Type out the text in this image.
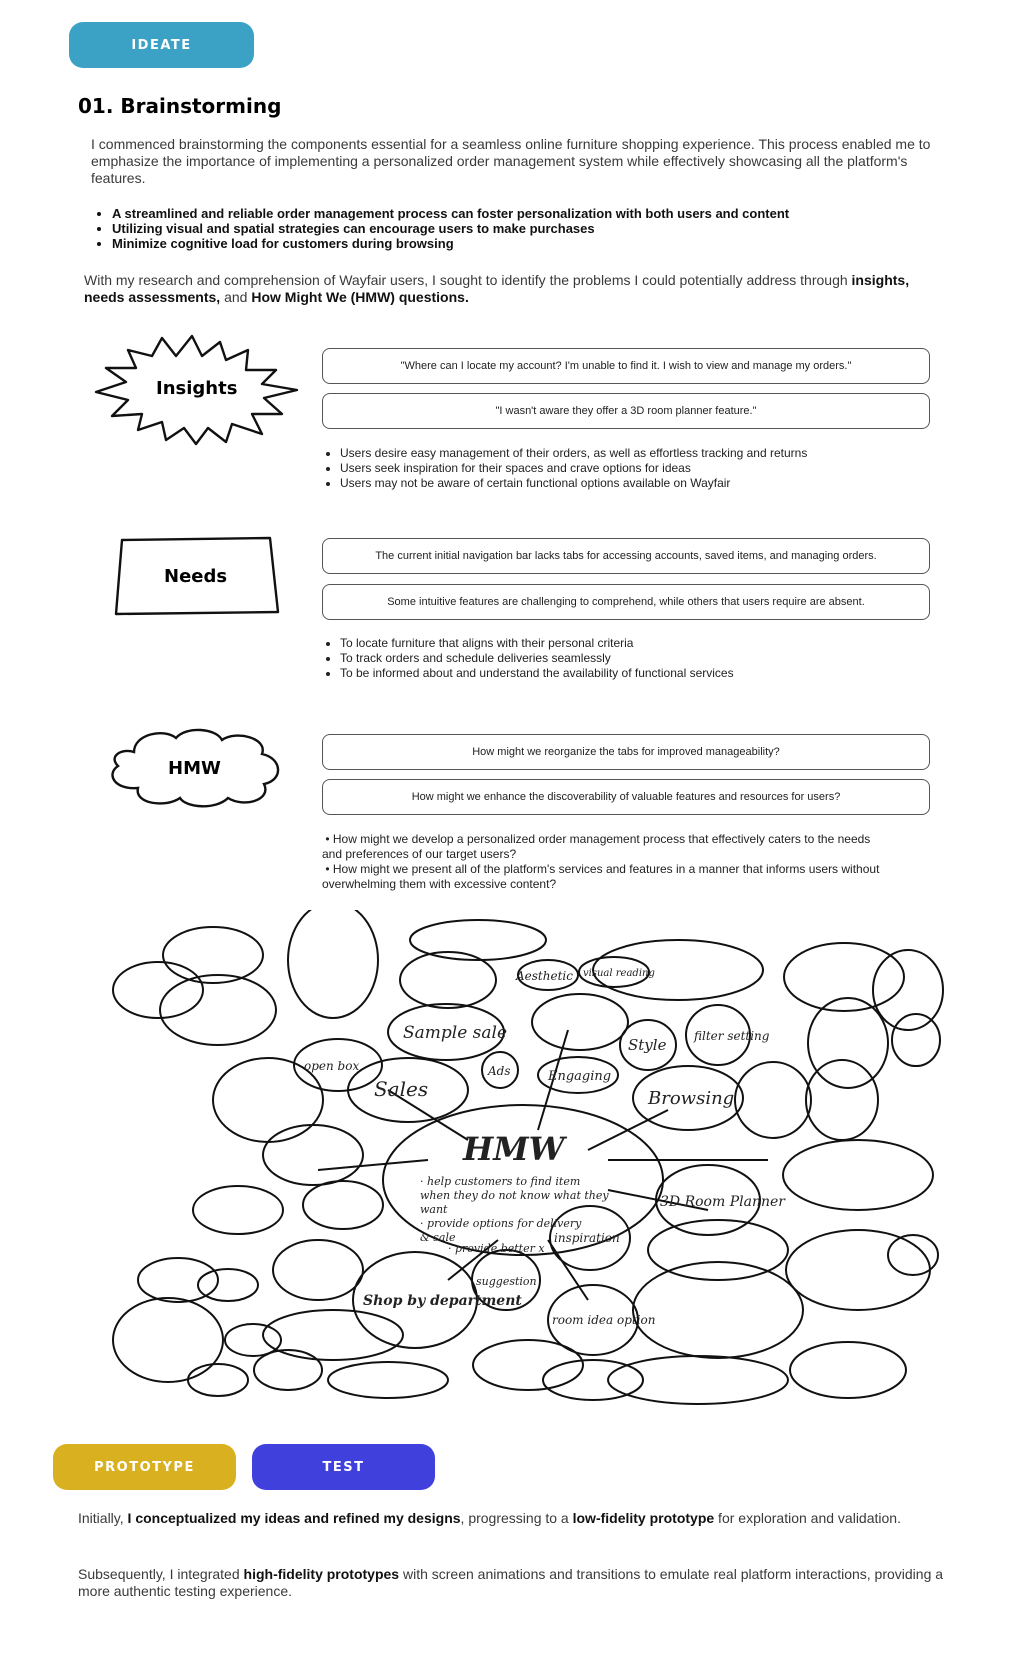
IDEATE
01. Brainstorming

I commenced brainstorming the components essential for a seamless online furniture shopping experience. This process enabled me to emphasize the importance of implementing a personalized order management system while effectively showcasing all the platform's features.

• A streamlined and reliable order management process can foster personalization with both users and content
• Utilizing visual and spatial strategies can encourage users to make purchases
• Minimize cognitive load for customers during browsing

With my research and comprehension of Wayfair users, I sought to identify the problems I could potentially address through insights, needs assessments, and How Might We (HMW) questions.

Insights
"Where can I locate my account? I'm unable to find it. I wish to view and manage my orders."
"I wasn't aware they offer a 3D room planner feature."
• Users desire easy management of their orders, as well as effortless tracking and returns
• Users seek inspiration for their spaces and crave options for ideas
• Users may not be aware of certain functional options available on Wayfair
Needs
The current initial navigation bar lacks tabs for accessing accounts, saved items, and managing orders.
Some intuitive features are challenging to comprehend, while others that users require are absent.
• To locate furniture that aligns with their personal criteria
• To track orders and schedule deliveries seamlessly
• To be informed about and understand the availability of functional services
HMW
How might we reorganize the tabs for improved manageability?
How might we enhance the discoverability of valuable features and resources for users?
• How might we develop a personalized order management process that effectively caters to the needs and preferences of our target users?
• How might we present all of the platform's services and features in a manner that informs users without overwhelming them with excessive content?
HMW
· help customers to find item
when they do not know what they
want
· provide options for delivery
& sale
· provide better x
Sales	Browsing
Shop by department
3D Room Planner
Sample sale
Style
Engaging
Ads
open box
inspiration
room idea option
suggestion
filter setting
Aesthetic visual reading
PROTOTYPE	TEST

Initially, I conceptualized my ideas and refined my designs, progressing to a low-fidelity prototype for exploration and validation.

Subsequently, I integrated high-fidelity prototypes with screen animations and transitions to emulate real platform interactions, providing a more authentic testing experience.
